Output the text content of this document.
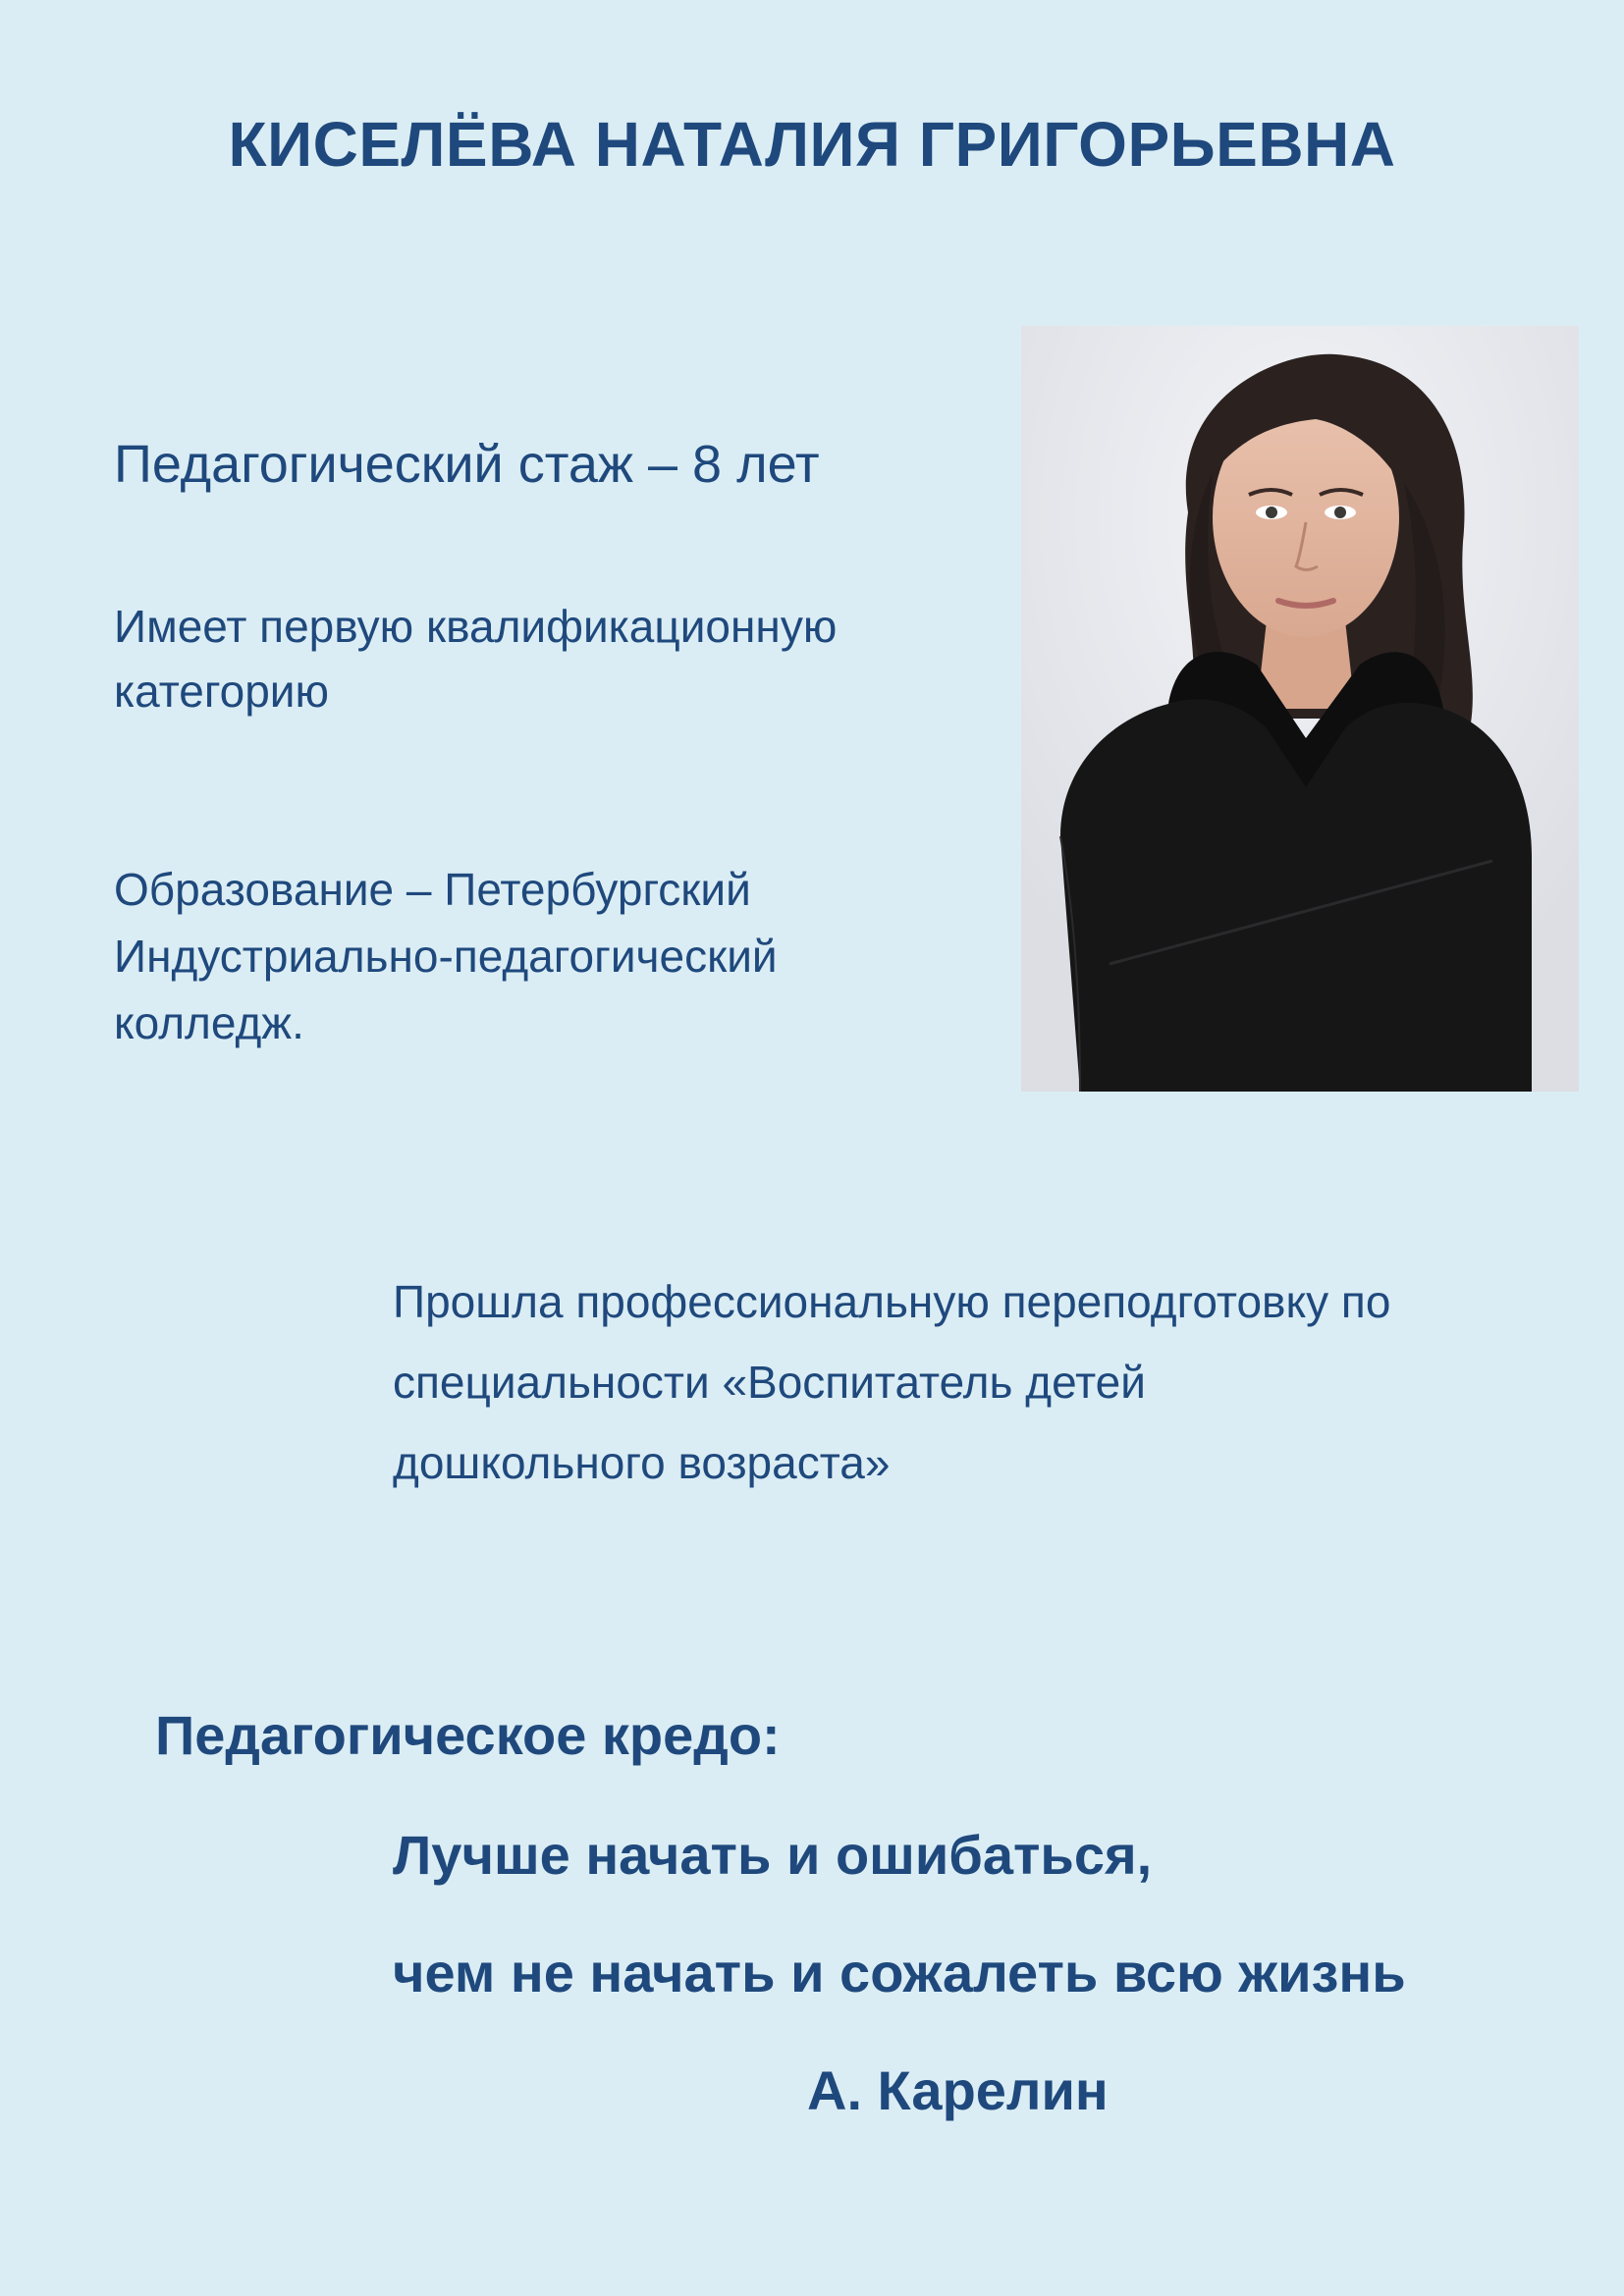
КИСЕЛЁВА НАТАЛИЯ ГРИГОРЬЕВНА
Педагогический стаж – 8 лет
Имеет первую квалификационную категорию
Образование – Петербургский
Индустриально-педагогический
колледж.
Прошла профессиональную переподготовку по
специальности «Воспитатель детей
дошкольного возраста»
Педагогическое кредо:
Лучше начать и ошибаться,
чем не начать и сожалеть всю жизнь
А. Карелин
